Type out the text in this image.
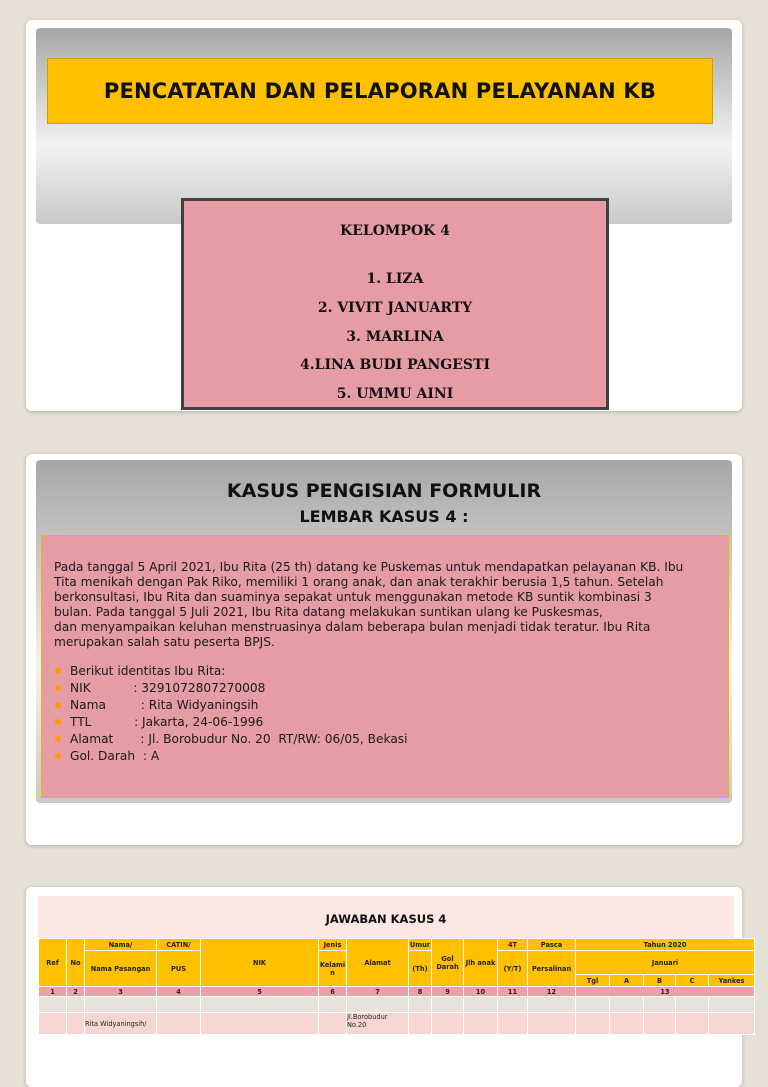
PENCATATAN DAN PELAPORAN PELAYANAN KB
KELOMPOK 4
1. LIZA
2. VIVIT JANUARTY
3. MARLINA
4.LINA BUDI PANGESTI
5. UMMU AINI
KASUS PENGISIAN FORMULIR
LEMBAR KASUS 4 :

Pada tanggal 5 April 2021, Ibu Rita (25 th) datang ke Puskemas untuk mendapatkan pelayanan KB. Ibu
Tita menikah dengan Pak Riko, memiliki 1 orang anak, dan anak terakhir berusia 1,5 tahun. Setelah
berkonsultasi, Ibu Rita dan suaminya sepakat untuk menggunakan metode KB suntik kombinasi 3
bulan. Pada tanggal 5 Juli 2021, Ibu Rita datang melakukan suntikan ulang ke Puskesmas,
dan menyampaikan keluhan menstruasinya dalam beberapa bulan menjadi tidak teratur. Ibu Rita
merupakan salah satu peserta BPJS.

Berikut identitas Ibu Rita:
NIK           : 3291072807270008
Nama         : Rita Widyaningsih
TTL           : Jakarta, 24-06-1996
Alamat       : Jl. Borobudur No. 20  RT/RW: 06/05, Bekasi
Gol. Darah  : A
JAWABAN KASUS 4
Ref	No	Nama/	CATIN/	NIK	Jenis	Alamat	Umur	Gol Darah	Jlh anak	4T	Pasca	Tahun 2020				
		Nama Pasangan	PUS		Kelami n		(Th)			(Y/T)	Persalinan	Januari				
												Tgl	A	B	C	Yankes
1	2	3	4	5	6	7	8	9	10	11	12	13				

		Rita Widyaningsih/				Jl.Borobudur No.20										
